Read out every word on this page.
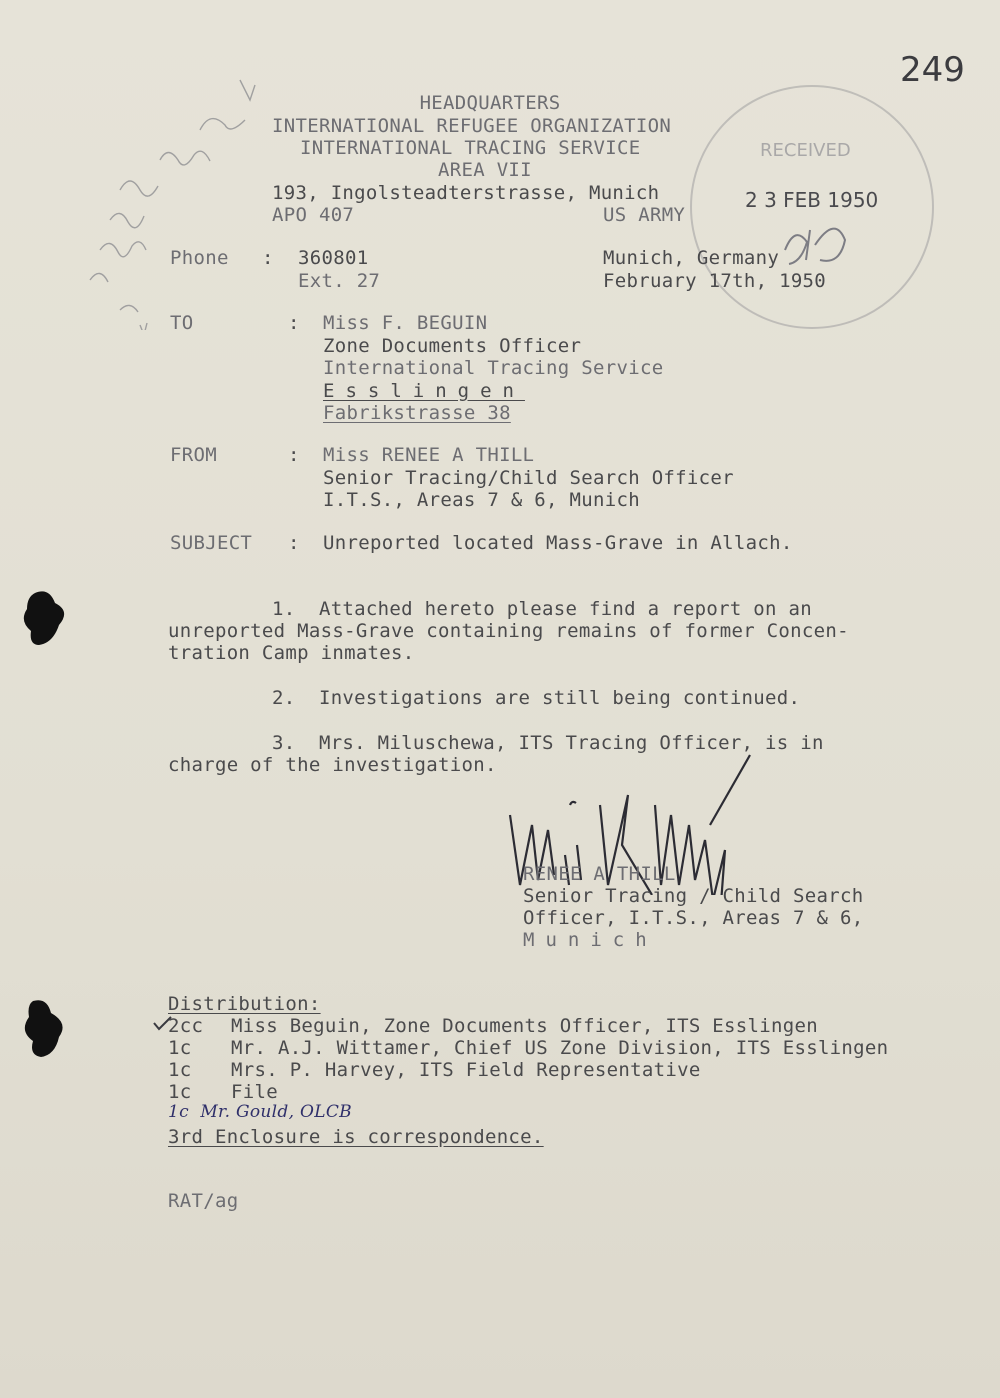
249
HEADQUARTERS
INTERNATIONAL REFUGEE ORGANIZATION
INTERNATIONAL TRACING SERVICE
AREA VII
193, Ingolsteadterstrasse, Munich
APO 407	US ARMY
RECEIVED
2 3 FEB 1950
Phone : 360801
Ext. 27
Munich, Germany
February 17th, 1950
TO	: Miss F. BEGUIN
Zone Documents Officer
International Tracing Service
Esslingen
Fabrikstrasse 38
FROM	: Miss RENEE A THILL
Senior Tracing/Child Search Officer
I.T.S., Areas 7 & 6, Munich
SUBJECT : Unreported located Mass-Grave in Allach.
1.  Attached hereto please find a report on an
unreported Mass-Grave containing remains of former Concen-
tration Camp inmates.
2.  Investigations are still being continued.
3.  Mrs. Miluschewa, ITS Tracing Officer, is in
charge of the investigation.
RENEE A THILL
Senior Tracing / Child Search
Officer, I.T.S., Areas 7 & 6,
Munich
Distribution:
2cc Miss Beguin, Zone Documents Officer, ITS Esslingen
1c Mr. A.J. Wittamer, Chief US Zone Division, ITS Esslingen
1c Mrs. P. Harvey, ITS Field Representative
1c File
1c  Mr. Gould, OLCB
3rd Enclosure is correspondence.
RAT/ag
